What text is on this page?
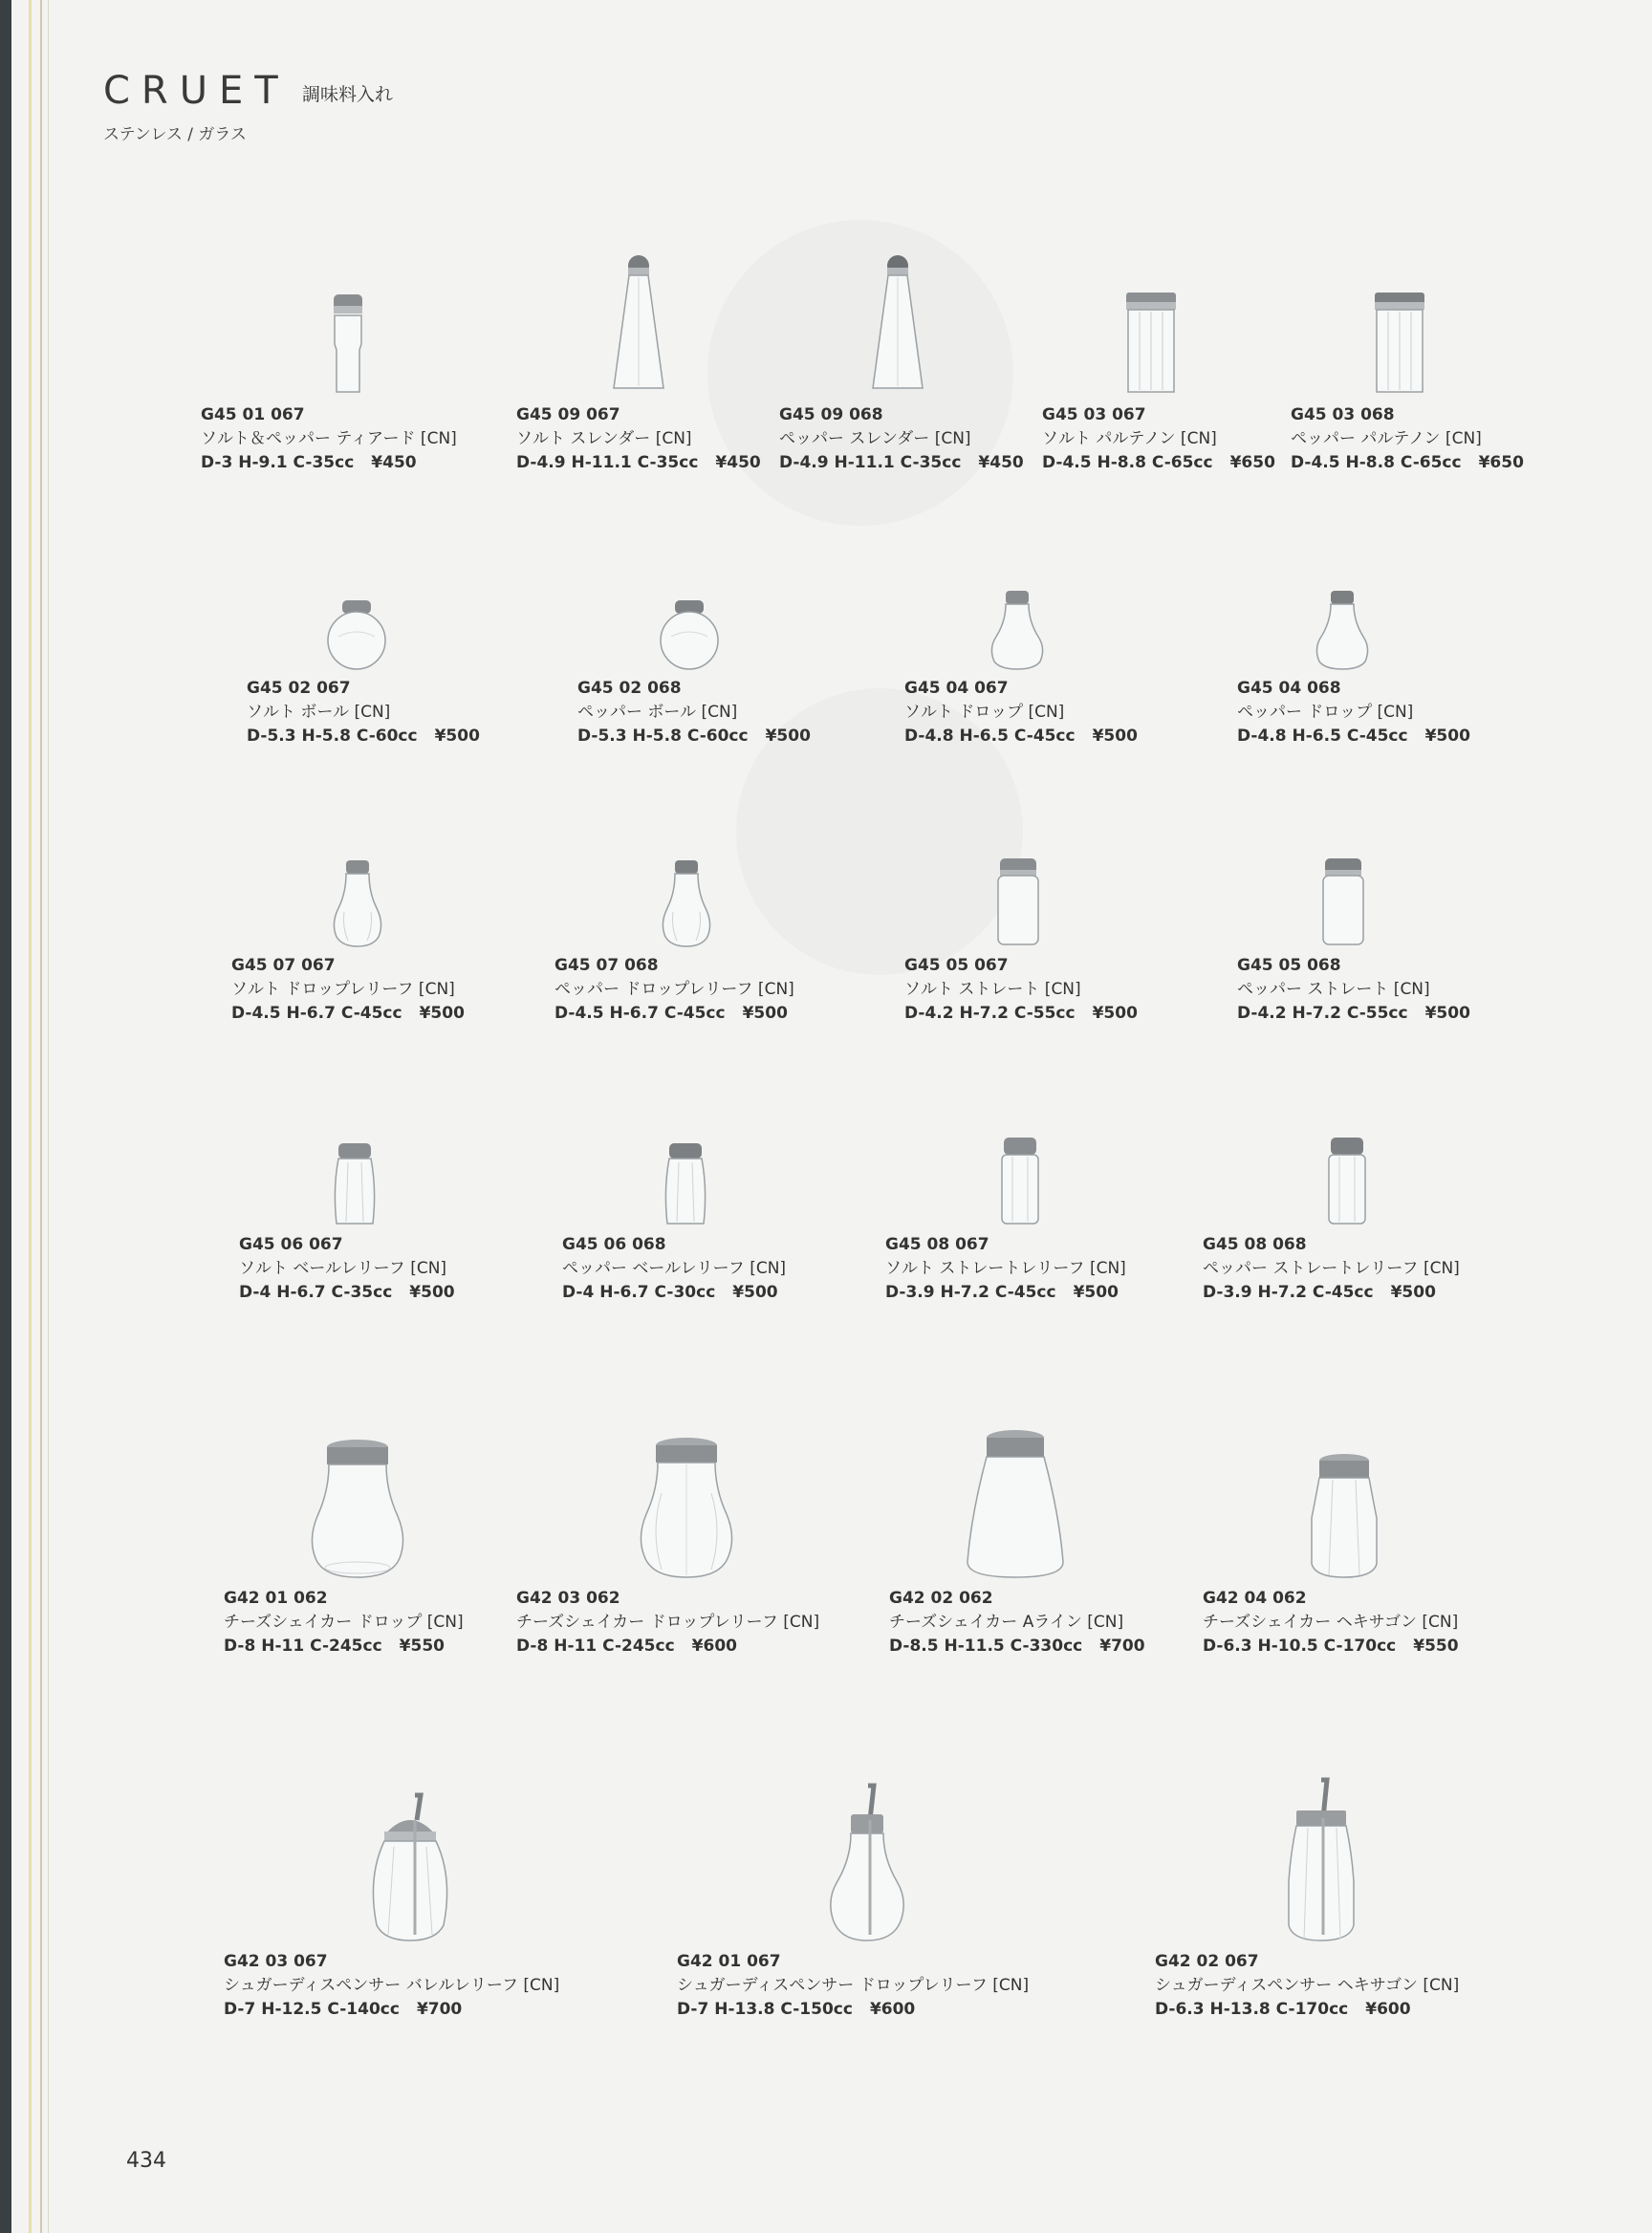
CRUET 調味料入れ
ステンレス / ガラス
G45 01 067
ソルト＆ペッパー ティアード [CN]
D-3 H-9.1 C-35cc ¥450
G45 09 067
ソルト スレンダー [CN]
D-4.9 H-11.1 C-35cc ¥450
G45 09 068
ペッパー スレンダー [CN]
D-4.9 H-11.1 C-35cc ¥450
G45 03 067
ソルト パルテノン [CN]
D-4.5 H-8.8 C-65cc ¥650
G45 03 068
ペッパー パルテノン [CN]
D-4.5 H-8.8 C-65cc ¥650
G45 02 067
ソルト ボール [CN]
D-5.3 H-5.8 C-60cc ¥500
G45 02 068
ペッパー ボール [CN]
D-5.3 H-5.8 C-60cc ¥500
G45 04 067
ソルト ドロップ [CN]
D-4.8 H-6.5 C-45cc ¥500
G45 04 068
ペッパー ドロップ [CN]
D-4.8 H-6.5 C-45cc ¥500
G45 07 067
ソルト ドロップレリーフ [CN]
D-4.5 H-6.7 C-45cc ¥500
G45 07 068
ペッパー ドロップレリーフ [CN]
D-4.5 H-6.7 C-45cc ¥500
G45 05 067
ソルト ストレート [CN]
D-4.2 H-7.2 C-55cc ¥500
G45 05 068
ペッパー ストレート [CN]
D-4.2 H-7.2 C-55cc ¥500
G45 06 067
ソルト ベールレリーフ [CN]
D-4 H-6.7 C-35cc ¥500
G45 06 068
ペッパー ベールレリーフ [CN]
D-4 H-6.7 C-30cc ¥500
G45 08 067
ソルト ストレートレリーフ [CN]
D-3.9 H-7.2 C-45cc ¥500
G45 08 068
ペッパー ストレートレリーフ [CN]
D-3.9 H-7.2 C-45cc ¥500
G42 01 062
チーズシェイカー ドロップ [CN]
D-8 H-11 C-245cc ¥550
G42 03 062
チーズシェイカー ドロップレリーフ [CN]
D-8 H-11 C-245cc ¥600
G42 02 062
チーズシェイカー Aライン [CN]
D-8.5 H-11.5 C-330cc ¥700
G42 04 062
チーズシェイカー ヘキサゴン [CN]
D-6.3 H-10.5 C-170cc ¥550
G42 03 067
シュガーディスペンサー バレルレリーフ [CN]
D-7 H-12.5 C-140cc ¥700
G42 01 067
シュガーディスペンサー ドロップレリーフ [CN]
D-7 H-13.8 C-150cc ¥600
G42 02 067
シュガーディスペンサー ヘキサゴン [CN]
D-6.3 H-13.8 C-170cc ¥600
434
